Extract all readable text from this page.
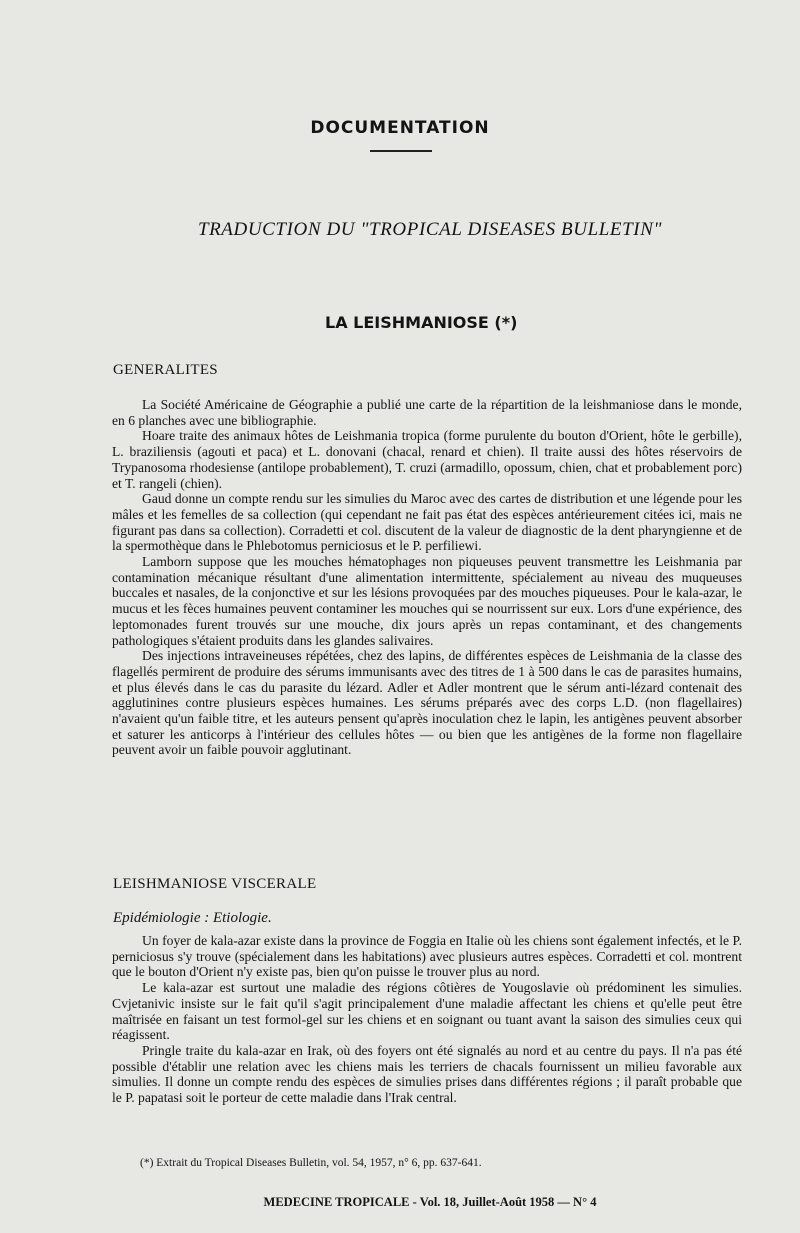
DOCUMENTATION
TRADUCTION DU "TROPICAL DISEASES BULLETIN"
LA LEISHMANIOSE (*)
GENERALITES

La Société Américaine de Géographie a publié une carte de la répartition de la leishmaniose dans le monde, en 6 planches avec une bibliographie.

Hoare traite des animaux hôtes de Leishmania tropica (forme purulente du bouton d'Orient, hôte le gerbille), L. braziliensis (agouti et paca) et L. donovani (chacal, renard et chien). Il traite aussi des hôtes réservoirs de Trypanosoma rhodesiense (antilope probablement), T. cruzi (armadillo, opossum, chien, chat et probablement porc) et T. rangeli (chien).

Gaud donne un compte rendu sur les simulies du Maroc avec des cartes de distribution et une légende pour les mâles et les femelles de sa collection (qui cependant ne fait pas état des espèces antérieurement citées ici, mais ne figurant pas dans sa collection). Corradetti et col. discutent de la valeur de diagnostic de la dent pharyngienne et de la spermothèque dans le Phlebotomus perniciosus et le P. perfiliewi.

Lamborn suppose que les mouches hématophages non piqueuses peuvent transmettre les Leishmania par contamination mécanique résultant d'une alimentation intermittente, spécialement au niveau des muqueuses buccales et nasales, de la conjonctive et sur les lésions provoquées par des mouches piqueuses. Pour le kala-azar, le mucus et les fèces humaines peuvent contaminer les mouches qui se nourrissent sur eux. Lors d'une expérience, des leptomonades furent trouvés sur une mouche, dix jours après un repas contaminant, et des changements pathologiques s'étaient produits dans les glandes salivaires.

Des injections intraveineuses répétées, chez des lapins, de différentes espèces de Leishmania de la classe des flagellés permirent de produire des sérums immunisants avec des titres de 1 à 500 dans le cas de parasites humains, et plus élevés dans le cas du parasite du lézard. Adler et Adler montrent que le sérum anti-lézard contenait des agglutinines contre plusieurs espèces humaines. Les sérums préparés avec des corps L.D. (non flagellaires) n'avaient qu'un faible titre, et les auteurs pensent qu'après inoculation chez le lapin, les antigènes peuvent absorber et saturer les anticorps à l'intérieur des cellules hôtes — ou bien que les antigènes de la forme non flagellaire peuvent avoir un faible pouvoir agglutinant.

LEISHMANIOSE VISCERALE
Epidémiologie : Etiologie.

Un foyer de kala-azar existe dans la province de Foggia en Italie où les chiens sont également infectés, et le P. perniciosus s'y trouve (spécialement dans les habitations) avec plusieurs autres espèces. Corradetti et col. montrent que le bouton d'Orient n'y existe pas, bien qu'on puisse le trouver plus au nord.

Le kala-azar est surtout une maladie des régions côtières de Yougoslavie où prédominent les simulies. Cvjetanivic insiste sur le fait qu'il s'agit principalement d'une maladie affectant les chiens et qu'elle peut être maîtrisée en faisant un test formol-gel sur les chiens et en soignant ou tuant avant la saison des simulies ceux qui réagissent.

Pringle traite du kala-azar en Irak, où des foyers ont été signalés au nord et au centre du pays. Il n'a pas été possible d'établir une relation avec les chiens mais les terriers de chacals fournissent un milieu favorable aux simulies. Il donne un compte rendu des espèces de simulies prises dans différentes régions ; il paraît probable que le P. papatasi soit le porteur de cette maladie dans l'Irak central.

(*) Extrait du Tropical Diseases Bulletin, vol. 54, 1957, n° 6, pp. 637-641.
MEDECINE TROPICALE - Vol. 18, Juillet-Août 1958 — N° 4
